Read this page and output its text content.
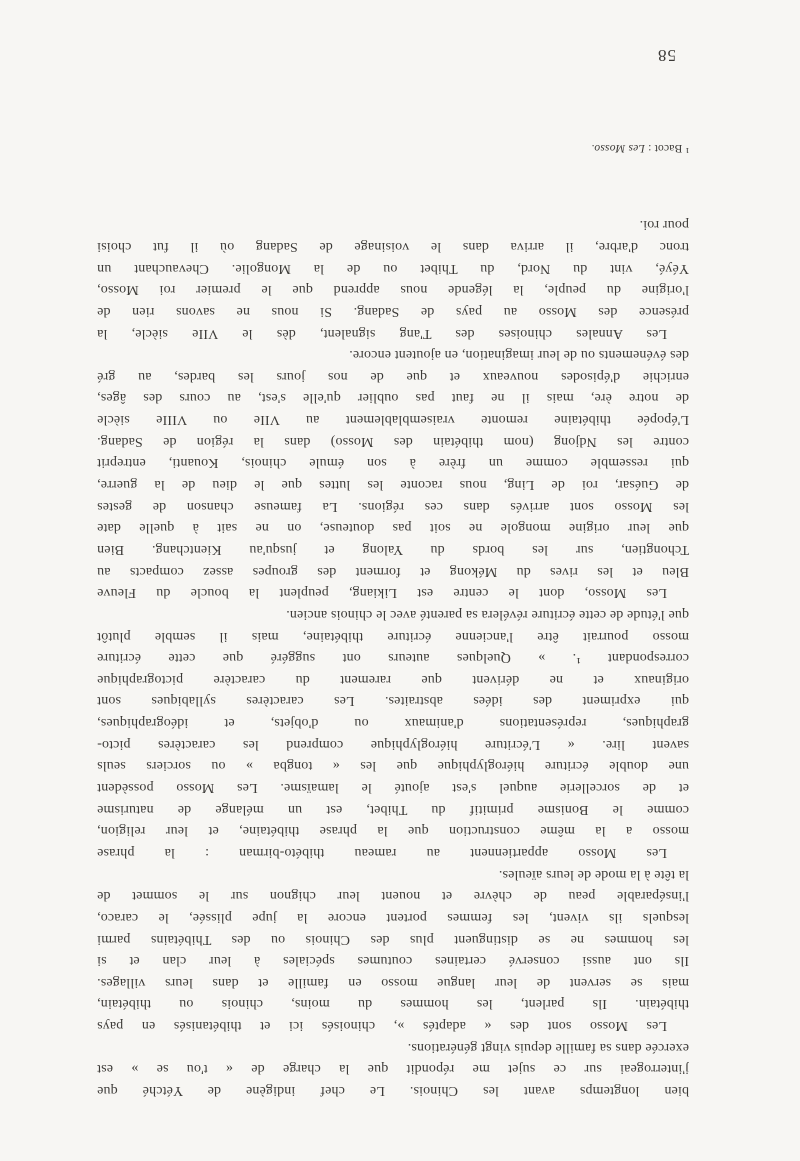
bien longtemps avant les Chinois. Le chef indigène de Yétché que
j'interrogeai sur ce sujet me répondit que la charge de « t'ou se » est
exercée dans sa famille depuis vingt générations.
Les Mosso sont des « adaptés », chinoisés ici et thibétanisés en pays
thibétain. Ils parlent, les hommes du moins, chinois ou thibétain,
mais se servent de leur langue mosso en famille et dans leurs villages.
Ils ont aussi conservé certaines coutumes spéciales à leur clan et si
les hommes ne se distinguent plus des Chinois ou des Thibétains parmi
lesquels ils vivent, les femmes portent encore la jupe plissée, le caraco,
l'inséparable peau de chèvre et nouent leur chignon sur le sommet de
la tête à la mode de leurs aïeules.
Les Mosso appartiennent au rameau thibéto-birman : la phrase
mosso a la même construction que la phrase thibétaine, et leur religion,
comme le Bonisme primitif du Thibet, est un mélange de naturisme
et de sorcellerie auquel s'est ajouté le lamaïsme. Les Mosso possèdent
une double écriture hiéroglyphique que les « tongba » ou sorciers seuls
savent lire. « L'écriture hiéroglyphique comprend les caractères picto-
graphiques, représentations d'animaux ou d'objets, et idéographiques,
qui expriment des idées abstraites. Les caractères syllabiques sont
originaux et ne dérivent que rarement du caractère pictographique
correspondant ¹. » Quelques auteurs ont suggéré que cette écriture
mosso pourrait être l'ancienne écriture thibétaine, mais il semble plutôt
que l'étude de cette écriture révélera sa parenté avec le chinois ancien.
Les Mosso, dont le centre est Likiang, peuplent la boucle du Fleuve
Bleu et les rives du Mékong et forment des groupes assez compacts au
Tchongtien, sur les bords du Yalong et jusqu'au Kientchang. Bien
que leur origine mongole ne soit pas douteuse, on ne sait à quelle date
les Mosso sont arrivés dans ces régions. La fameuse chanson de gestes
de Guésar, roi de Ling, nous raconte les luttes que le dieu de la guerre,
qui ressemble comme un frère à son émule chinois, Kouanti, entreprit
contre les Ndjong (nom thibétain des Mosso) dans la région de Sadang.
L'épopée thibétaine remonte vraisemblablement au VIIe ou VIIIe siècle
de notre ère, mais il ne faut pas oublier qu'elle s'est, au cours des âges,
enrichie d'épisodes nouveaux et que de nos jours les bardes, au gré
des événements ou de leur imagination, en ajoutent encore.
Les Annales chinoises des T'ang signalent, dès le VIIe siècle, la
présence des Mosso au pays de Sadang. Si nous ne savons rien de
l'origine du peuple, la légende nous apprend que le premier roi Mosso,
Yéyé, vint du Nord, du Thibet ou de la Mongolie. Chevauchant un
tronc d'arbre, il arriva dans le voisinage de Sadang où il fut choisi
pour roi.
¹ Bacot : Les Mosso.
58
